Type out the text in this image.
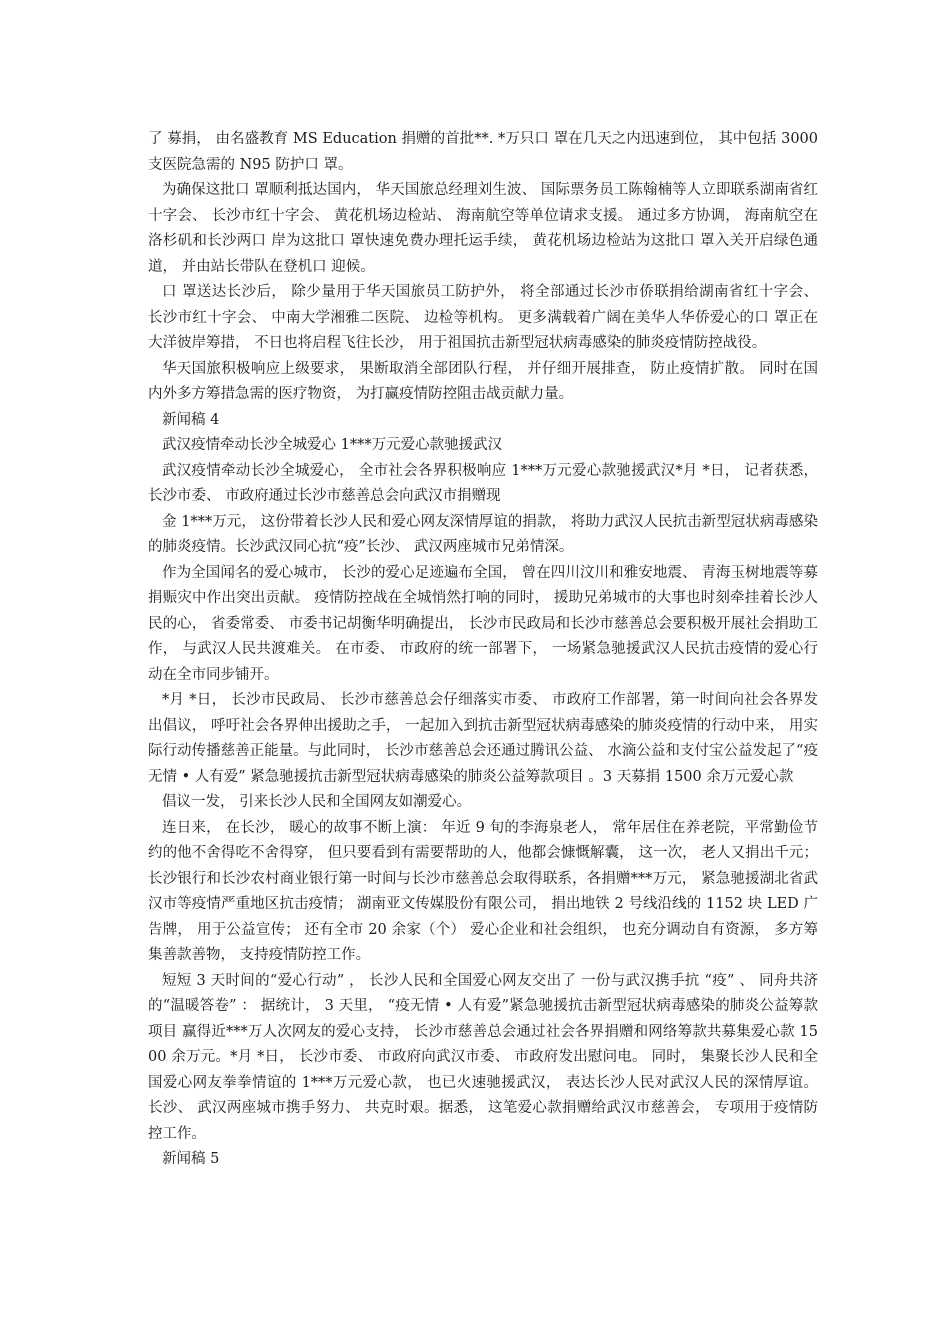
了 募捐， 由名盛教育 MS Education 捐赠的首批**. *万只口 罩在几天之内迅速到位， 其中包括 3000 支医院急需的 N95 防护口 罩。

为确保这批口 罩顺利抵达国内， 华天国旅总经理刘生波、 国际票务员工陈翰楠等人立即联系湖南省红十字会、 长沙市红十字会、 黄花机场边检站、 海南航空等单位请求支援。 通过多方协调， 海南航空在洛杉矶和长沙两口 岸为这批口 罩快速免费办理托运手续， 黄花机场边检站为这批口 罩入关开启绿色通道， 并由站长带队在登机口 迎候。

口 罩送达长沙后， 除少量用于华天国旅员工防护外， 将全部通过长沙市侨联捐给湖南省红十字会、 长沙市红十字会、 中南大学湘雅二医院、 边检等机构。 更多满载着广阔在美华人华侨爱心的口 罩正在大洋彼岸筹措， 不日也将启程飞往长沙， 用于祖国抗击新型冠状病毒感染的肺炎疫情防控战役。

华天国旅积极响应上级要求， 果断取消全部团队行程， 并仔细开展排查， 防止疫情扩散。 同时在国内外多方筹措急需的医疗物资， 为打赢疫情防控阻击战贡献力量。

新闻稿 4

武汉疫情牵动长沙全城爱心 1***万元爱心款驰援武汉

武汉疫情牵动长沙全城爱心， 全市社会各界积极响应 1***万元爱心款驰援武汉*月 *日， 记者获悉， 长沙市委、 市政府通过长沙市慈善总会向武汉市捐赠现

金 1***万元， 这份带着长沙人民和爱心网友深情厚谊的捐款， 将助力武汉人民抗击新型冠状病毒感染的肺炎疫情。长沙武汉同心抗“疫”长沙、 武汉两座城市兄弟情深。

作为全国闻名的爱心城市， 长沙的爱心足迹遍布全国， 曾在四川汶川和雅安地震、 青海玉树地震等募捐赈灾中作出突出贡献。 疫情防控战在全城悄然打响的同时， 援助兄弟城市的大事也时刻牵挂着长沙人民的心， 省委常委、 市委书记胡衡华明确提出， 长沙市民政局和长沙市慈善总会要积极开展社会捐助工作， 与武汉人民共渡难关。 在市委、 市政府的统一部署下， 一场紧急驰援武汉人民抗击疫情的爱心行动在全市同步铺开。

*月 *日， 长沙市民政局、 长沙市慈善总会仔细落实市委、 市政府工作部署，第一时间向社会各界发出倡议， 呼吁社会各界伸出援助之手， 一起加入到抗击新型冠状病毒感染的肺炎疫情的行动中来， 用实际行动传播慈善正能量。与此同时， 长沙市慈善总会还通过腾讯公益、 水滴公益和支付宝公益发起了“疫无情 • 人有爱” 紧急驰援抗击新型冠状病毒感染的肺炎公益筹款项目 。3 天募捐 1500 余万元爱心款

倡议一发， 引来长沙人民和全国网友如潮爱心。

连日来， 在长沙， 暖心的故事不断上演： 年近 9 旬的李海泉老人， 常年居住在养老院，平常勤俭节约的他不舍得吃不舍得穿， 但只要看到有需要帮助的人，他都会慷慨解囊， 这一次， 老人又捐出千元； 长沙银行和长沙农村商业银行第一时间与长沙市慈善总会取得联系，各捐赠***万元， 紧急驰援湖北省武汉市等疫情严重地区抗击疫情； 湖南亚文传媒股份有限公司， 捐出地铁 2 号线沿线的 1152 块 LED 广告牌， 用于公益宣传； 还有全市 20 余家（个） 爱心企业和社会组织， 也充分调动自有资源， 多方筹集善款善物， 支持疫情防控工作。

短短 3 天时间的“爱心行动” ， 长沙人民和全国爱心网友交出了 一份与武汉携手抗 “疫” 、 同舟共济的“温暖答卷” ： 据统计， 3 天里， “疫无情 • 人有爱”紧急驰援抗击新型冠状病毒感染的肺炎公益筹款项目 赢得近***万人次网友的爱心支持， 长沙市慈善总会通过社会各界捐赠和网络筹款共募集爱心款 1500 余万元。*月 *日， 长沙市委、 市政府向武汉市委、 市政府发出慰问电。 同时， 集聚长沙人民和全国爱心网友拳拳情谊的 1***万元爱心款， 也已火速驰援武汉， 表达长沙人民对武汉人民的深情厚谊。 长沙、 武汉两座城市携手努力、 共克时艰。据悉， 这笔爱心款捐赠给武汉市慈善会， 专项用于疫情防控工作。

新闻稿 5
